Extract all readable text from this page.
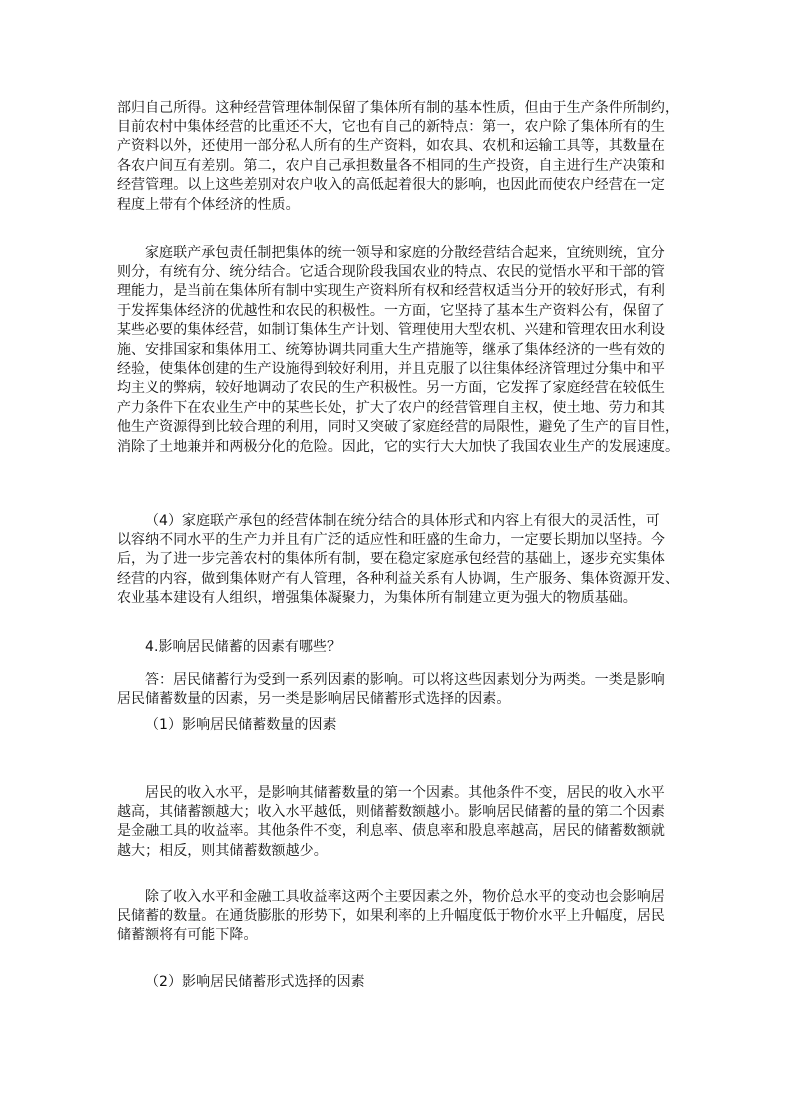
部归自己所得。这种经营管理体制保留了集体所有制的基本性质，但由于生产条件所制约，
目前农村中集体经营的比重还不大，它也有自己的新特点：第一，农户除了集体所有的生
产资料以外，还使用一部分私人所有的生产资料，如农具、农机和运输工具等，其数量在
各农户间互有差别。第二，农户自己承担数量各不相同的生产投资，自主进行生产决策和
经营管理。以上这些差别对农户收入的高低起着很大的影响，也因此而使农户经营在一定
程度上带有个体经济的性质。
家庭联产承包责任制把集体的统一领导和家庭的分散经营结合起来，宜统则统，宜分
则分，有统有分、统分结合。它适合现阶段我国农业的特点、农民的觉悟水平和干部的管
理能力，是当前在集体所有制中实现生产资料所有权和经营权适当分开的较好形式，有利
于发挥集体经济的优越性和农民的积极性。一方面，它坚持了基本生产资料公有，保留了
某些必要的集体经营，如制订集体生产计划、管理使用大型农机、兴建和管理农田水利设
施、安排国家和集体用工、统筹协调共同重大生产措施等，继承了集体经济的一些有效的
经验，使集体创建的生产设施得到较好利用，并且克服了以往集体经济管理过分集中和平
均主义的弊病，较好地调动了农民的生产积极性。另一方面，它发挥了家庭经营在较低生
产力条件下在农业生产中的某些长处，扩大了农户的经营管理自主权，使土地、劳力和其
他生产资源得到比较合理的利用，同时又突破了家庭经营的局限性，避免了生产的盲目性，
消除了土地兼并和两极分化的危险。因此，它的实行大大加快了我国农业生产的发展速度。
（4）家庭联产承包的经营体制在统分结合的具体形式和内容上有很大的灵活性，可
以容纳不同水平的生产力并且有广泛的适应性和旺盛的生命力，一定要长期加以坚持。今
后，为了进一步完善农村的集体所有制，要在稳定家庭承包经营的基础上，逐步充实集体
经营的内容，做到集体财产有人管理，各种利益关系有人协调，生产服务、集体资源开发、
农业基本建设有人组织，增强集体凝聚力，为集体所有制建立更为强大的物质基础。
4.影响居民储蓄的因素有哪些？
答：居民储蓄行为受到一系列因素的影响。可以将这些因素划分为两类。一类是影响
居民储蓄数量的因素，另一类是影响居民储蓄形式选择的因素。
（1）影响居民储蓄数量的因素
居民的收入水平，是影响其储蓄数量的第一个因素。其他条件不变，居民的收入水平
越高，其储蓄额越大；收入水平越低，则储蓄数额越小。影响居民储蓄的量的第二个因素
是金融工具的收益率。其他条件不变，利息率、债息率和股息率越高，居民的储蓄数额就
越大；相反，则其储蓄数额越少。
除了收入水平和金融工具收益率这两个主要因素之外，物价总水平的变动也会影响居
民储蓄的数量。在通货膨胀的形势下，如果利率的上升幅度低于物价水平上升幅度，居民
储蓄额将有可能下降。
（2）影响居民储蓄形式选择的因素
